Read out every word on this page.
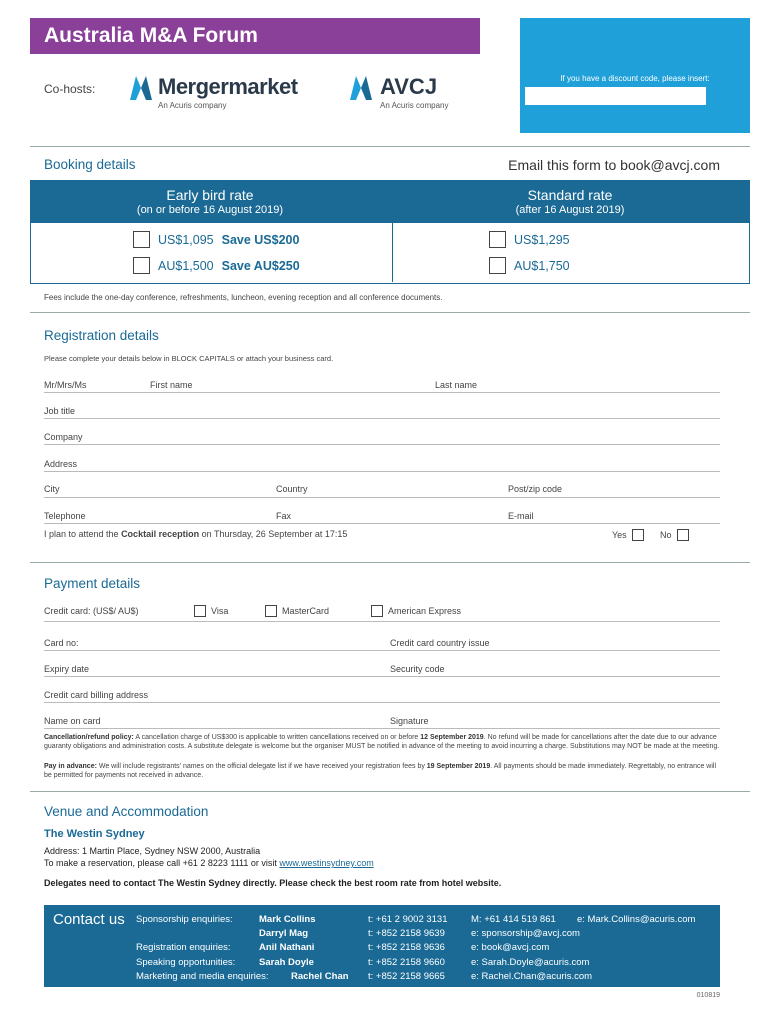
Australia M&A Forum
If you have a discount code, please insert:
Co-hosts:	Mergermarket
An Acuris company
AVCJ
An Acuris company
Booking details	Email this form to book@avcj.com
Early bird rate
(on or before 16 August 2019)
Standard rate
(after 16 August 2019)
US$1,095 Save US$200
AU$1,500 Save AU$250
US$1,295
AU$1,750
Fees include the one-day conference, refreshments, luncheon, evening reception and all conference documents.
Registration details
Please complete your details below in BLOCK CAPITALS or attach your business card.
Mr/Mrs/Ms	First name	Last name
Job title
Company
Address
City	Country	Post/zip code
Telephone	Fax	E-mail
I plan to attend the Cocktail reception on Thursday, 26 September at 17:15	Yes	No
Payment details
Credit card: (US$/ AU$)	Visa	MasterCard	American Express
Card no:	Credit card country issue
Expiry date	Security code
Credit card billing address
Name on card	Signature
Cancellation/refund policy: A cancellation charge of US$300 is applicable to written cancellations received on or before 12 September 2019. No refund will be made for cancellations after the date due to our advance guaranty obligations and administration costs. A substitute delegate is welcome but the organiser MUST be notified in advance of the meeting to avoid incurring a charge. Substitutions may NOT be made at the meeting.
Pay in advance: We will include registrants' names on the official delegate list if we have received your registration fees by 19 September 2019. All payments should be made immediately. Regrettably, no entrance will be permitted for payments not received in advance.
Venue and Accommodation
The Westin Sydney
Address: 1 Martin Place, Sydney NSW 2000, Australia
To make a reservation, please call +61 2 8223 1111 or visit www.westinsydney.com
Delegates need to contact The Westin Sydney directly. Please check the best room rate from hotel website.
Contact us Sponsorship enquiries:	Mark Collins	t: +61 2 9002 3131 M: +61 414 519 861 e: Mark.Collins@acuris.com
Darryl Mag	t: +852 2158 9639	e: sponsorship@avcj.com
Registration enquiries:	Anil Nathani	t: +852 2158 9636	e: book@avcj.com
Speaking opportunities: Sarah Doyle	t: +852 2158 9660	e: Sarah.Doyle@acuris.com
Marketing and media enquiries: Rachel Chan t: +852 2158 9665	e: Rachel.Chan@acuris.com
010819
